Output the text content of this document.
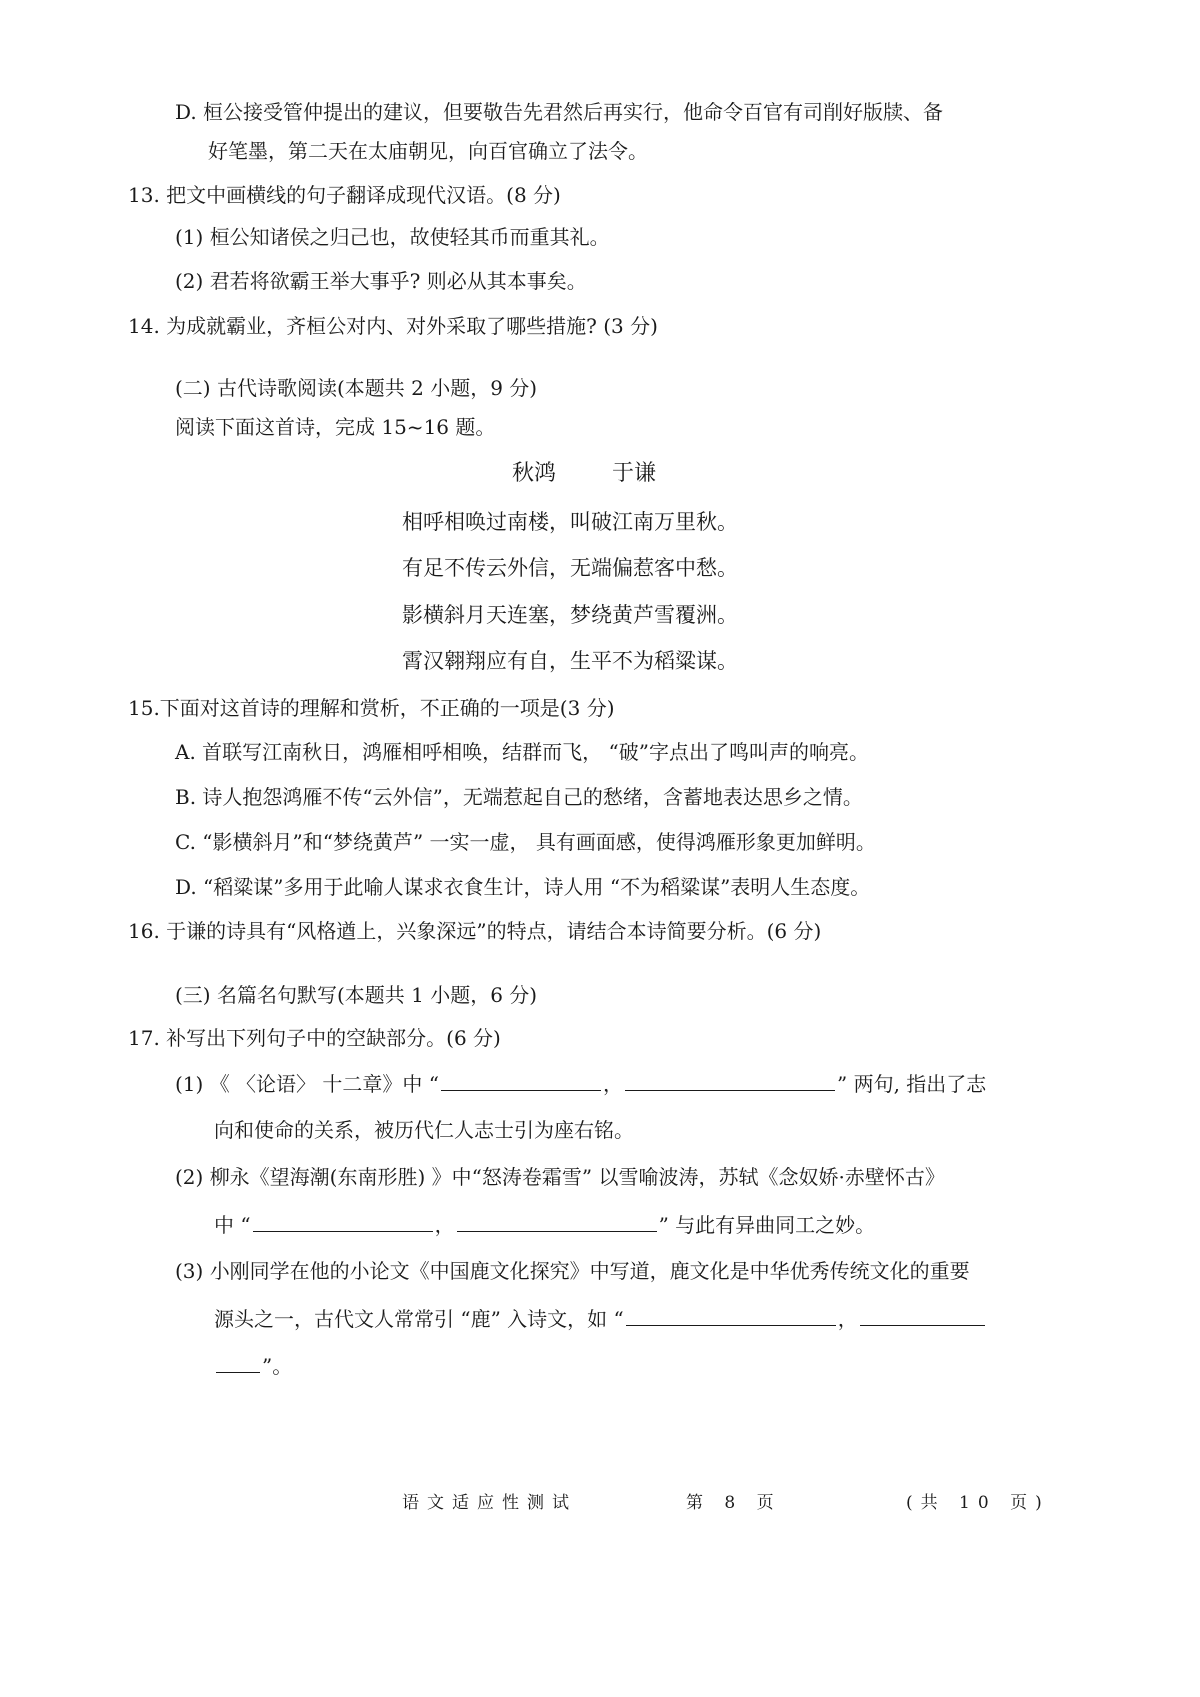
D. 桓公接受管仲提出的建议，但要敬告先君然后再实行，他命令百官有司削好版牍、备
好笔墨，第二天在太庙朝见，向百官确立了法令。
13. 把文中画横线的句子翻译成现代汉语。(8 分)
(1) 桓公知诸侯之归己也，故使轻其币而重其礼。
(2) 君若将欲霸王举大事乎? 则必从其本事矣。
14. 为成就霸业，齐桓公对内、对外采取了哪些措施? (3 分)
(二) 古代诗歌阅读(本题共 2 小题，9 分)
阅读下面这首诗，完成 15~16 题。
秋鸿	于谦
相呼相唤过南楼，叫破江南万里秋。
有足不传云外信，无端偏惹客中愁。
影横斜月天连塞，梦绕黄芦雪覆洲。
霄汉翱翔应有自，生平不为稻粱谋。
15.下面对这首诗的理解和赏析，不正确的一项是(3 分)
A. 首联写江南秋日，鸿雁相呼相唤，结群而飞， “破”字点出了鸣叫声的响亮。
B. 诗人抱怨鸿雁不传“云外信”，无端惹起自己的愁绪，含蓄地表达思乡之情。
C. “影横斜月”和“梦绕黄芦” 一实一虚， 具有画面感，使得鸿雁形象更加鲜明。
D. “稻粱谋”多用于此喻人谋求衣食生计，诗人用 “不为稻粱谋”表明人生态度。
16. 于谦的诗具有“风格遒上，兴象深远”的特点，请结合本诗简要分析。(6 分)
(三) 名篇名句默写(本题共 1 小题，6 分)
17. 补写出下列句子中的空缺部分。(6 分)
(1) 《 〈论语〉 十二章》中 “	，	” 两句, 指出了志
向和使命的关系，被历代仁人志士引为座右铭。
(2) 柳永《望海潮(东南形胜) 》中“怒涛卷霜雪” 以雪喻波涛，苏轼《念奴娇·赤壁怀古》
中 “	，	” 与此有异曲同工之妙。
(3) 小刚同学在他的小论文《中国鹿文化探究》中写道，鹿文化是中华优秀传统文化的重要
源头之一，古代文人常常引 “鹿” 入诗文，如 “	，
”。
语文适应性测试	第 8 页	(共 10 页)
